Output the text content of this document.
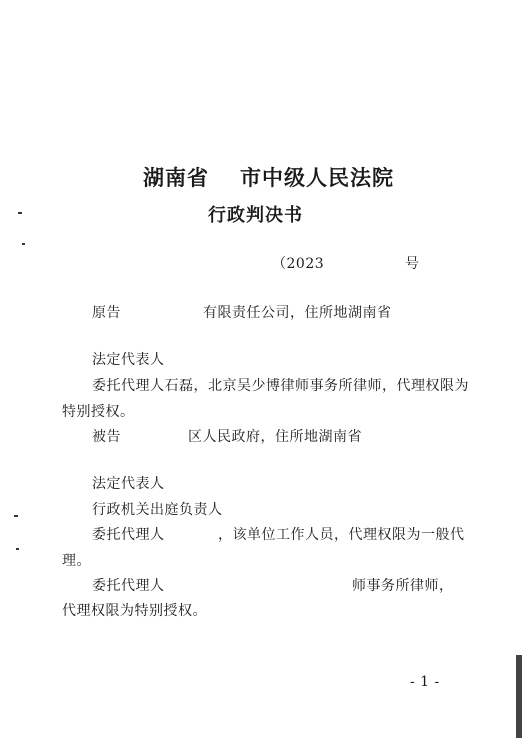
湖南省 市中级人民法院
行政判决书
（2023	号
原告	有限责任公司，住所地湖南省
法定代表人
委托代理人石磊，北京吴少博律师事务所律师，代理权限为
特别授权。
被告	区人民政府，住所地湖南省
法定代表人
行政机关出庭负责人
委托代理人	，该单位工作人员，代理权限为一般代
理。
委托代理人	师事务所律师，
代理权限为特别授权。
- 1 -
